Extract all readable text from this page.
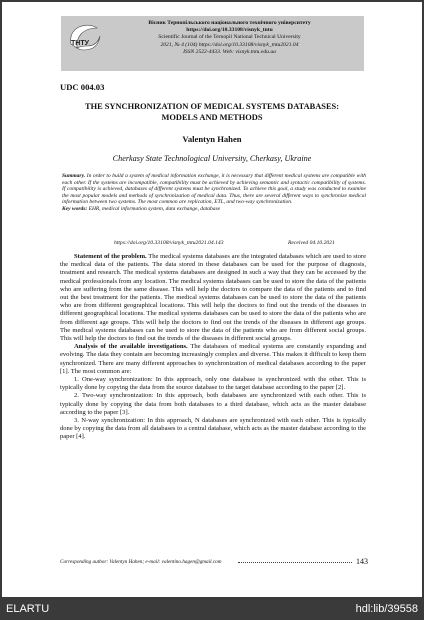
ТНТУ
Вісник Тернопільського національного технічного університету
https://doi.org/10.33108/visnyk_tntu
Scientific Journal of the Ternopil National Technical University
2021, № 4 (104) https://doi.org/10.33108/visnyk_tntu2021.04
ISSN 2522-4433. Web: visnyk.tntu.edu.ua
UDC 004.03
THE SYNCHRONIZATION OF MEDICAL SYSTEMS DATABASES:
MODELS AND METHODS
Valentyn Hahen
Cherkasy State Technological University, Cherkasy, Ukraine
Summary. In order to build a system of medical information exchange, it is necessary that different medical systems are compatible with each other. If the systems are incompatible, compatibility must be achieved by achieving semantic and syntactic compatibility of systems. If compatibility is achieved, databases of different systems must be synchronized. To achieve this goal, a study was conducted to examine the most popular models and methods of synchronization of medical data. Thus, there are several different ways to synchronize medical information between two systems. The most common are replication, ETL, and two-way synchronization.
Key words: EHR, medical information system, data exchange, database
https://doi.org/10.33108/visnyk_tntu2021.04.143	Received 04.10.2021

Statement of the problem. The medical systems databases are the integrated databases which are used to store the medical data of the patients. The data stored in these databases can be used for the purpose of diagnosis, treatment and research. The medical systems databases are designed in such a way that they can be accessed by the medical professionals from any location. The medical systems databases can be used to store the data of the patients who are suffering from the same disease. This will help the doctors to compare the data of the patients and to find out the best treatment for the patients. The medical systems databases can be used to store the data of the patients who are from different geographical locations. This will help the doctors to find out the trends of the diseases in different geographical locations. The medical systems databases can be used to store the data of the patients who are from different age groups. This will help the doctors to find out the trends of the diseases in different age groups. The medical systems databases can be used to store the data of the patients who are from different social groups. This will help the doctors to find out the trends of the diseases in different social groups.

Analysis of the available investigations. The databases of medical systems are constantly expanding and evolving. The data they contain are becoming increasingly complex and diverse. This makes it difficult to keep them synchronized. There are many different approaches to synchronization of medical databases according to the paper [1]. The most common are:

1. One-way synchronization: In this approach, only one database is synchronized with the other. This is typically done by copying the data from the source database to the target database according to the paper [2].

2. Two-way synchronization: In this approach, both databases are synchronized with each other. This is typically done by copying the data from both databases to a third database, which acts as the master database according to the paper [3].

3. N-way synchronization: In this approach, N databases are synchronized with each other. This is typically done by copying the data from all databases to a central database, which acts as the master database according to the paper [4].

Corresponding author: Valentyn Hahen; e-mail: valentino.hagen@gmail.com	143
ELARTU	hdl:lib/39558
